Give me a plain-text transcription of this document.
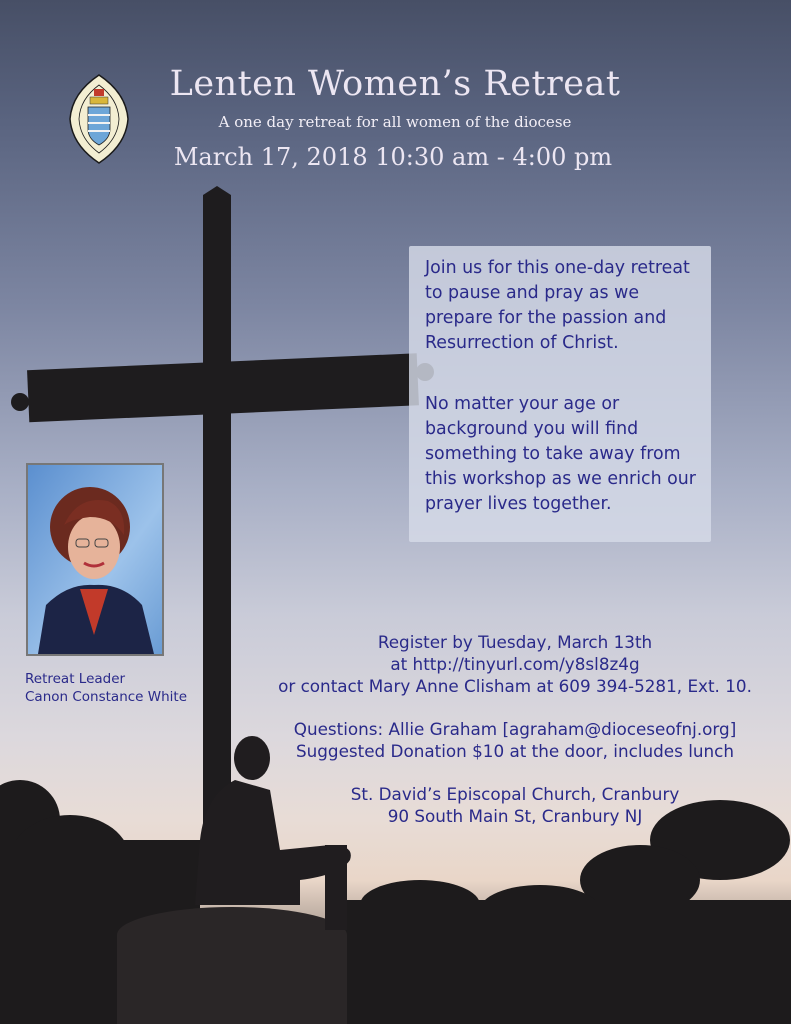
Lenten Women’s Retreat
A one day retreat for all women of the diocese
March 17, 2018 10:30 am - 4:00 pm

Join us for this one-day retreat to pause and pray as we prepare for the passion and Resurrection of Christ.

No matter your age or background you will find something to take away from this workshop as we enrich our prayer lives together.

Retreat Leader
Canon Constance White
Register by Tuesday, March 13th
at http://tinyurl.com/y8sl8z4g
or contact Mary Anne Clisham at 609 394-5281, Ext. 10.
Questions: Allie Graham [agraham@dioceseofnj.org]
Suggested Donation $10 at the door, includes lunch
St. David’s Episcopal Church, Cranbury
90 South Main St, Cranbury NJ
